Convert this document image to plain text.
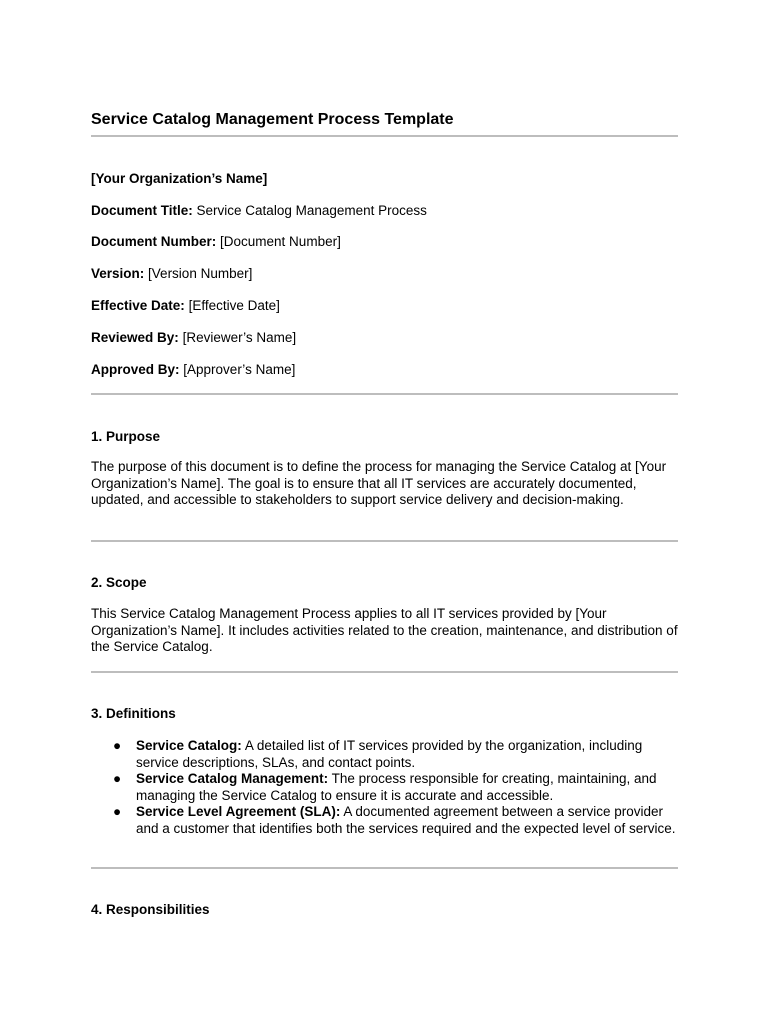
Service Catalog Management Process Template
[Your Organization’s Name]
Document Title: Service Catalog Management Process
Document Number: [Document Number]
Version: [Version Number]
Effective Date: [Effective Date]
Reviewed By: [Reviewer’s Name]
Approved By: [Approver’s Name]
1. Purpose
The purpose of this document is to define the process for managing the Service Catalog at [Your Organization’s Name]. The goal is to ensure that all IT services are accurately documented, updated, and accessible to stakeholders to support service delivery and decision-making.
2. Scope
This Service Catalog Management Process applies to all IT services provided by [Your Organization’s Name]. It includes activities related to the creation, maintenance, and distribution of the Service Catalog.
3. Definitions
● Service Catalog: A detailed list of IT services provided by the organization, including service descriptions, SLAs, and contact points.
● Service Catalog Management: The process responsible for creating, maintaining, and managing the Service Catalog to ensure it is accurate and accessible.
● Service Level Agreement (SLA): A documented agreement between a service provider and a customer that identifies both the services required and the expected level of service.
4. Responsibilities
